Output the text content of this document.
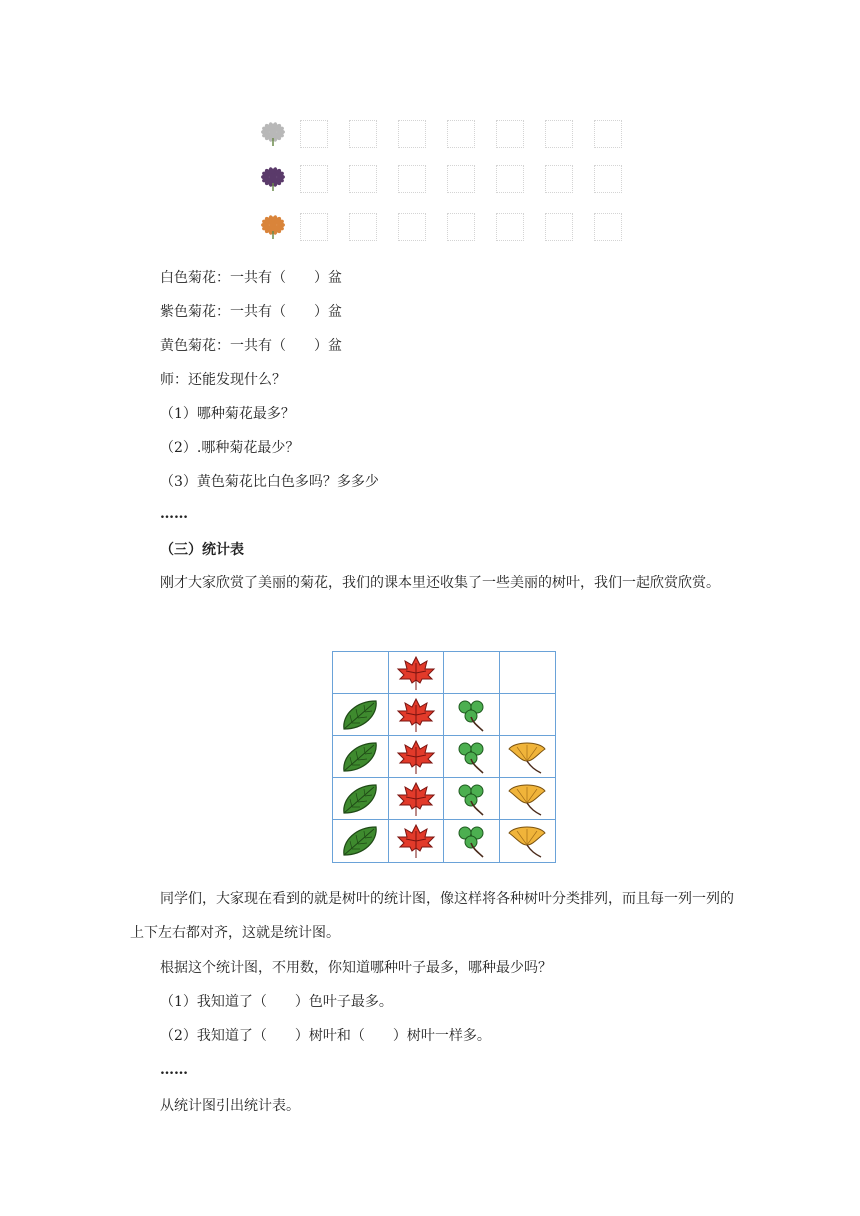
白色菊花：一共有（　　）盆
紫色菊花：一共有（　　）盆
黄色菊花：一共有（　　）盆
师：还能发现什么？
（1）哪种菊花最多？
（2）.哪种菊花最少？
（3）黄色菊花比白色多吗？多多少
……
（三）统计表
刚才大家欣赏了美丽的菊花，我们的课本里还收集了一些美丽的树叶，我们一起欣赏欣赏。
同学们，大家现在看到的就是树叶的统计图，像这样将各种树叶分类排列，而且每一列一列的上下左右都对齐，这就是统计图。
根据这个统计图，不用数，你知道哪种叶子最多，哪种最少吗？
（1）我知道了（　　）色叶子最多。
（2）我知道了（　　）树叶和（　　）树叶一样多。
……
从统计图引出统计表。
